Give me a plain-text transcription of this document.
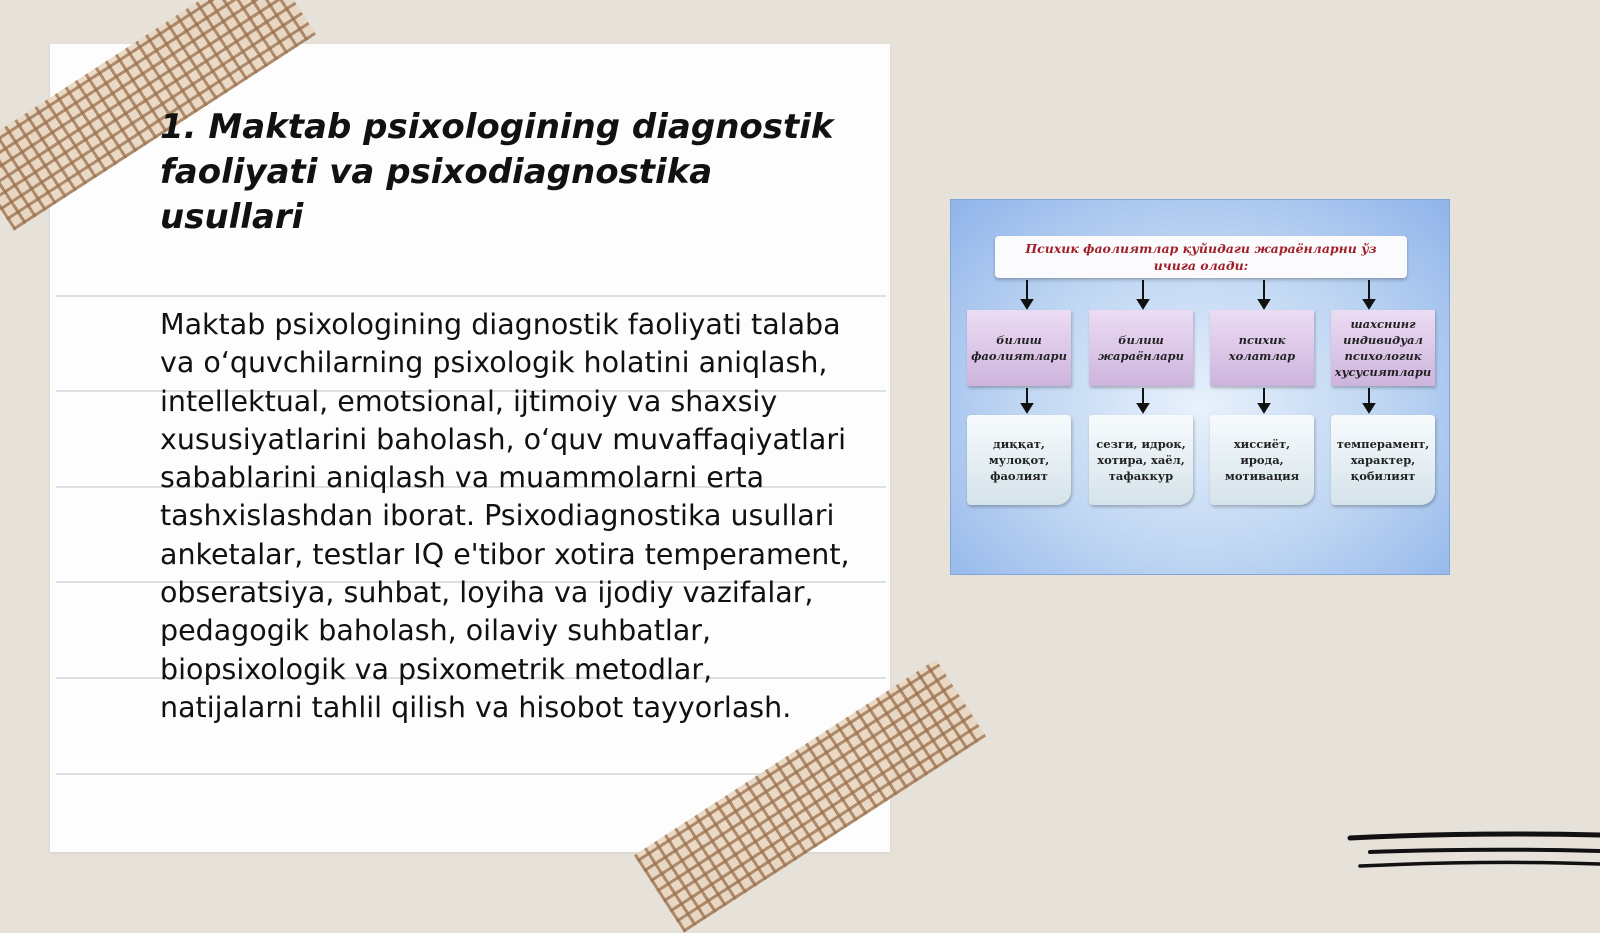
1. Maktab psixologining diagnostik faoliyati va psixodiagnostika usullari

Maktab psixologining diagnostik faoliyati talaba va o‘quvchilarning psixologik holatini aniqlash, intellektual, emotsional, ijtimoiy va shaxsiy xususiyatlarini baholash, o‘quv muvaffaqiyatlari sabablarini aniqlash va muammolarni erta tashxislashdan iborat. Psixodiagnostika usullari anketalar, testlar IQ e'tibor xotira temperament, obseratsiya, suhbat, loyiha va ijodiy vazifalar, pedagogik baholash, oilaviy suhbatlar, biopsixologik va psixometrik metodlar, natijalarni tahlil qilish va hisobot tayyorlash.

Психик фаолиятлар қуйидаги жараёнларни ўз ичига олади:
билиш фаолиятлари
билиш жараёнлари
психик холатлар
шахснинг индивидуал психологик хусусиятлари
диққат, мулоқот, фаолият
сезги, идрок, хотира, хаёл, тафаккур
хиссиёт, ирода, мотивация
темперамент, характер, қобилият
